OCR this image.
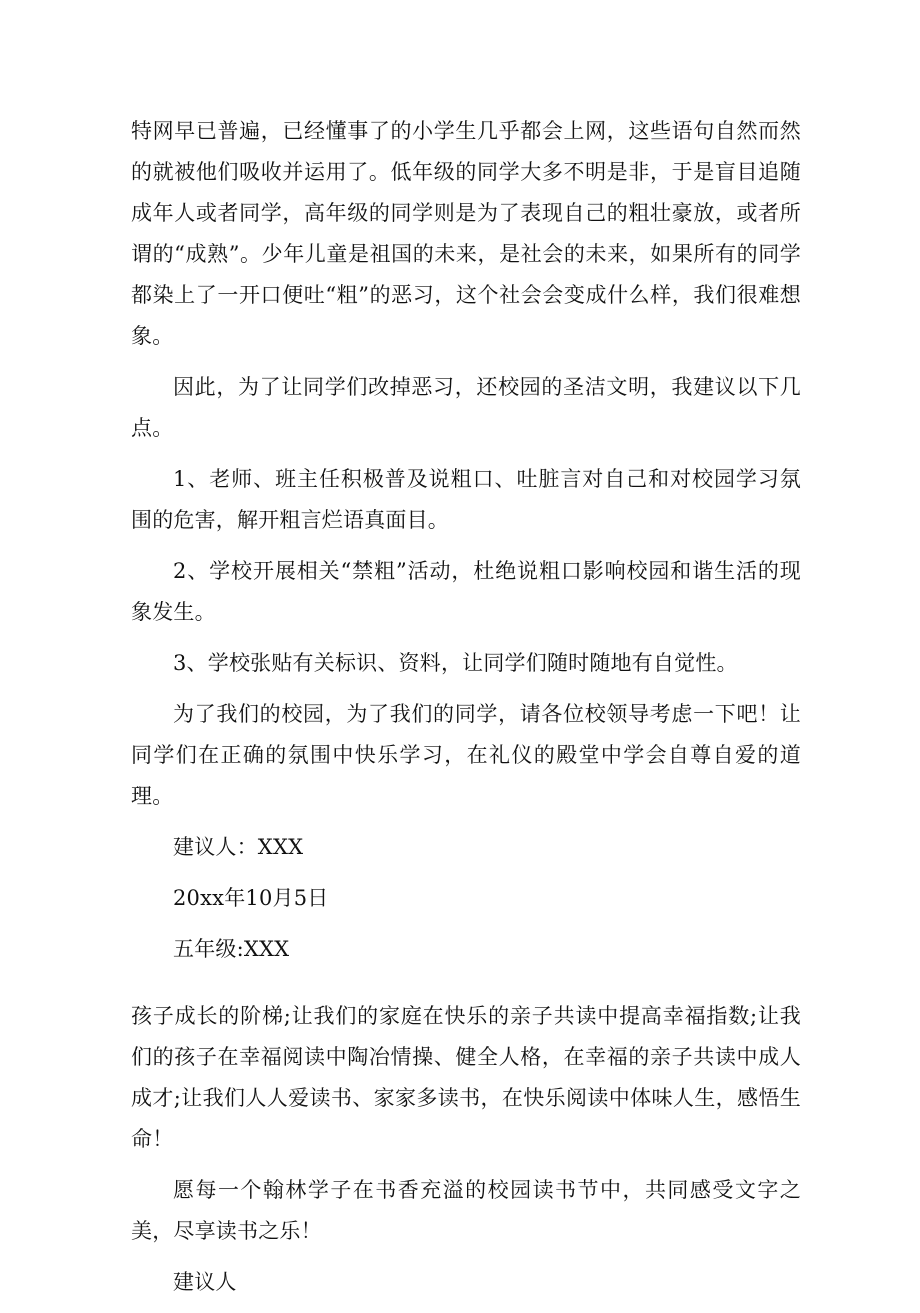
特网早已普遍，已经懂事了的小学生几乎都会上网，这些语句自然而然的就被他们吸收并运用了。低年级的同学大多不明是非，于是盲目追随成年人或者同学，高年级的同学则是为了表现自己的粗壮豪放，或者所谓的“成熟”。少年儿童是祖国的未来，是社会的未来，如果所有的同学都染上了一开口便吐“粗”的恶习，这个社会会变成什么样，我们很难想象。

因此，为了让同学们改掉恶习，还校园的圣洁文明，我建议以下几点。

1、老师、班主任积极普及说粗口、吐脏言对自己和对校园学习氛围的危害，解开粗言烂语真面目。

2、学校开展相关“禁粗”活动，杜绝说粗口影响校园和谐生活的现象发生。

3、学校张贴有关标识、资料，让同学们随时随地有自觉性。

为了我们的校园，为了我们的同学，请各位校领导考虑一下吧！让同学们在正确的氛围中快乐学习，在礼仪的殿堂中学会自尊自爱的道理。

建议人：XXX

20xx年10月5日

五年级:XXX

孩子成长的阶梯;让我们的家庭在快乐的亲子共读中提高幸福指数;让我们的孩子在幸福阅读中陶冶情操、健全人格，在幸福的亲子共读中成人成才;让我们人人爱读书、家家多读书，在快乐阅读中体味人生，感悟生命！

愿每一个翰林学子在书香充溢的校园读书节中，共同感受文字之美，尽享读书之乐！

建议人
